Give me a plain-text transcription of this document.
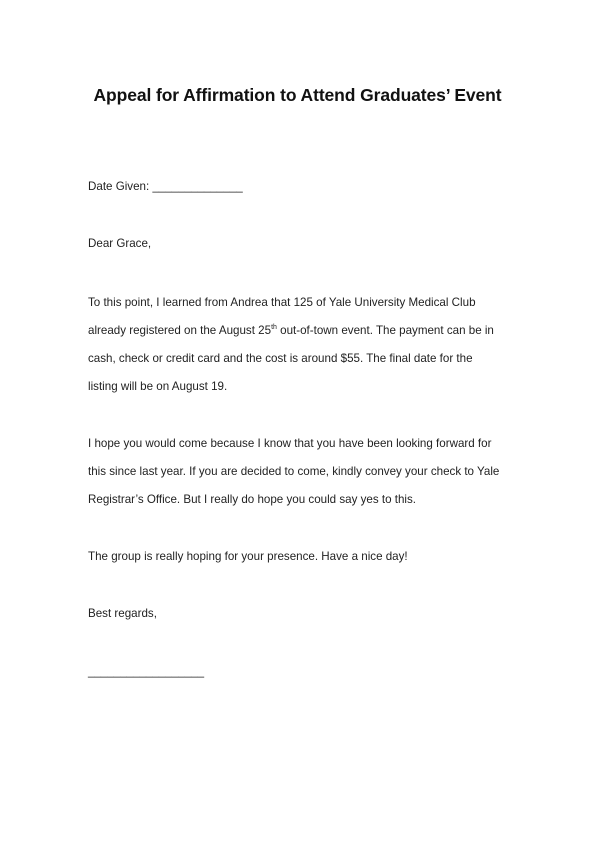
Appeal for Affirmation to Attend Graduates’ Event

Date Given: ______________

Dear Grace,

To this point, I learned from Andrea that 125 of Yale University Medical Club

already registered on the August 25th out-of-town event. The payment can be in

cash, check or credit card and the cost is around $55. The final date for the

listing will be on August 19.

I hope you would come because I know that you have been looking forward for

this since last year. If you are decided to come, kindly convey your check to Yale

Registrar’s Office. But I really do hope you could say yes to this.

The group is really hoping for your presence. Have a nice day!

Best regards,

__________________
